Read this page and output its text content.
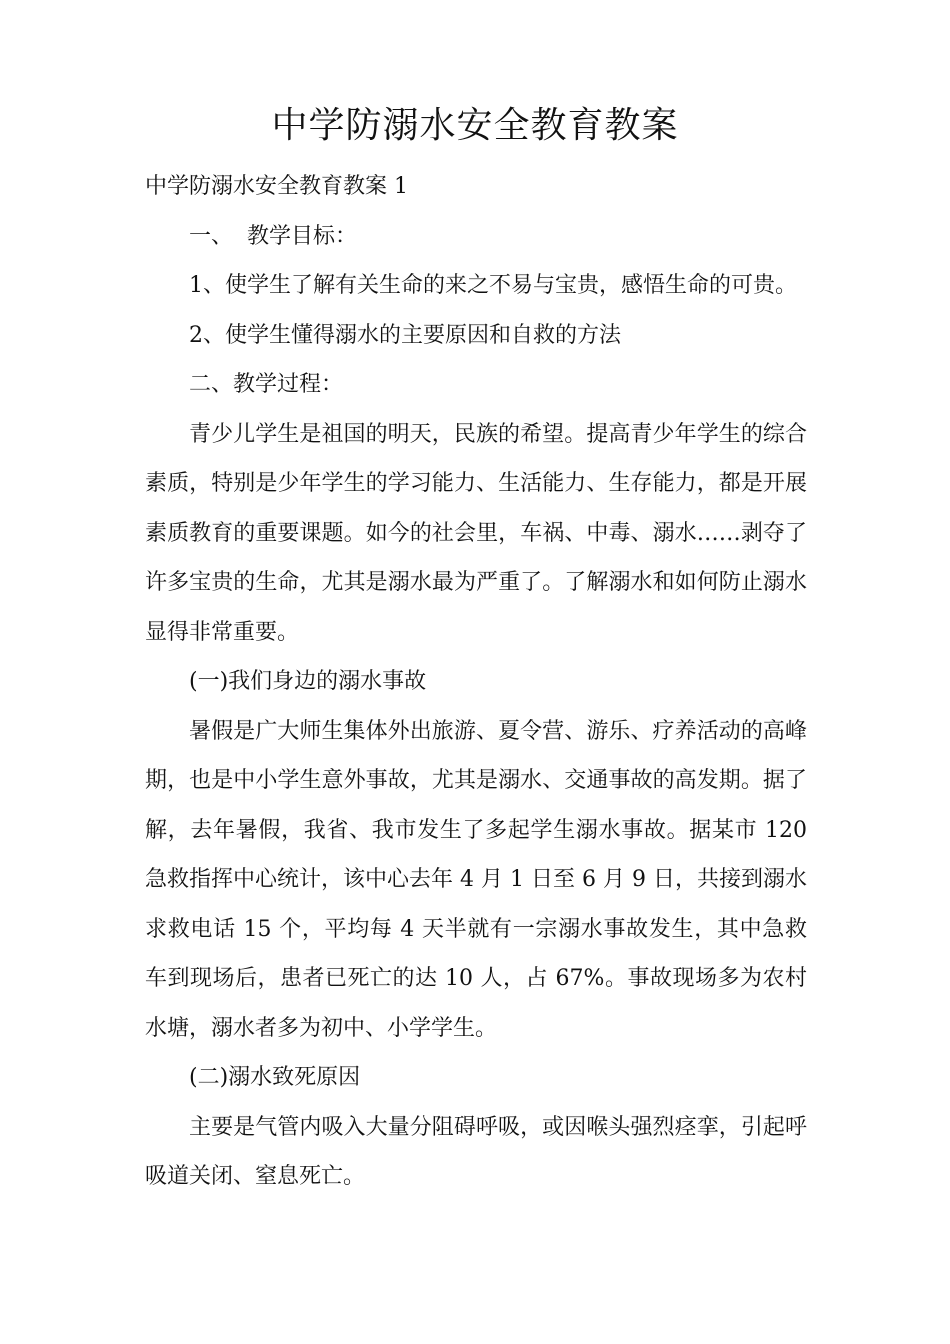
中学防溺水安全教育教案

中学防溺水安全教育教案 1

一、  教学目标：

1、使学生了解有关生命的来之不易与宝贵，感悟生命的可贵。

2、使学生懂得溺水的主要原因和自救的方法

二、教学过程：

青少儿学生是祖国的明天，民族的希望。提高青少年学生的综合素质，特别是少年学生的学习能力、生活能力、生存能力，都是开展素质教育的重要课题。如今的社会里，车祸、中毒、溺水……剥夺了许多宝贵的生命，尤其是溺水最为严重了。了解溺水和如何防止溺水显得非常重要。

(一)我们身边的溺水事故

暑假是广大师生集体外出旅游、夏令营、游乐、疗养活动的高峰期，也是中小学生意外事故，尤其是溺水、交通事故的高发期。据了解，去年暑假，我省、我市发生了多起学生溺水事故。据某市 120 急救指挥中心统计，该中心去年 4 月 1 日至 6 月 9 日，共接到溺水求救电话 15 个，平均每 4 天半就有一宗溺水事故发生，其中急救车到现场后，患者已死亡的达 10 人，占 67%。事故现场多为农村水塘，溺水者多为初中、小学学生。

(二)溺水致死原因

主要是气管内吸入大量分阻碍呼吸，或因喉头强烈痉挛，引起呼吸道关闭、窒息死亡。
